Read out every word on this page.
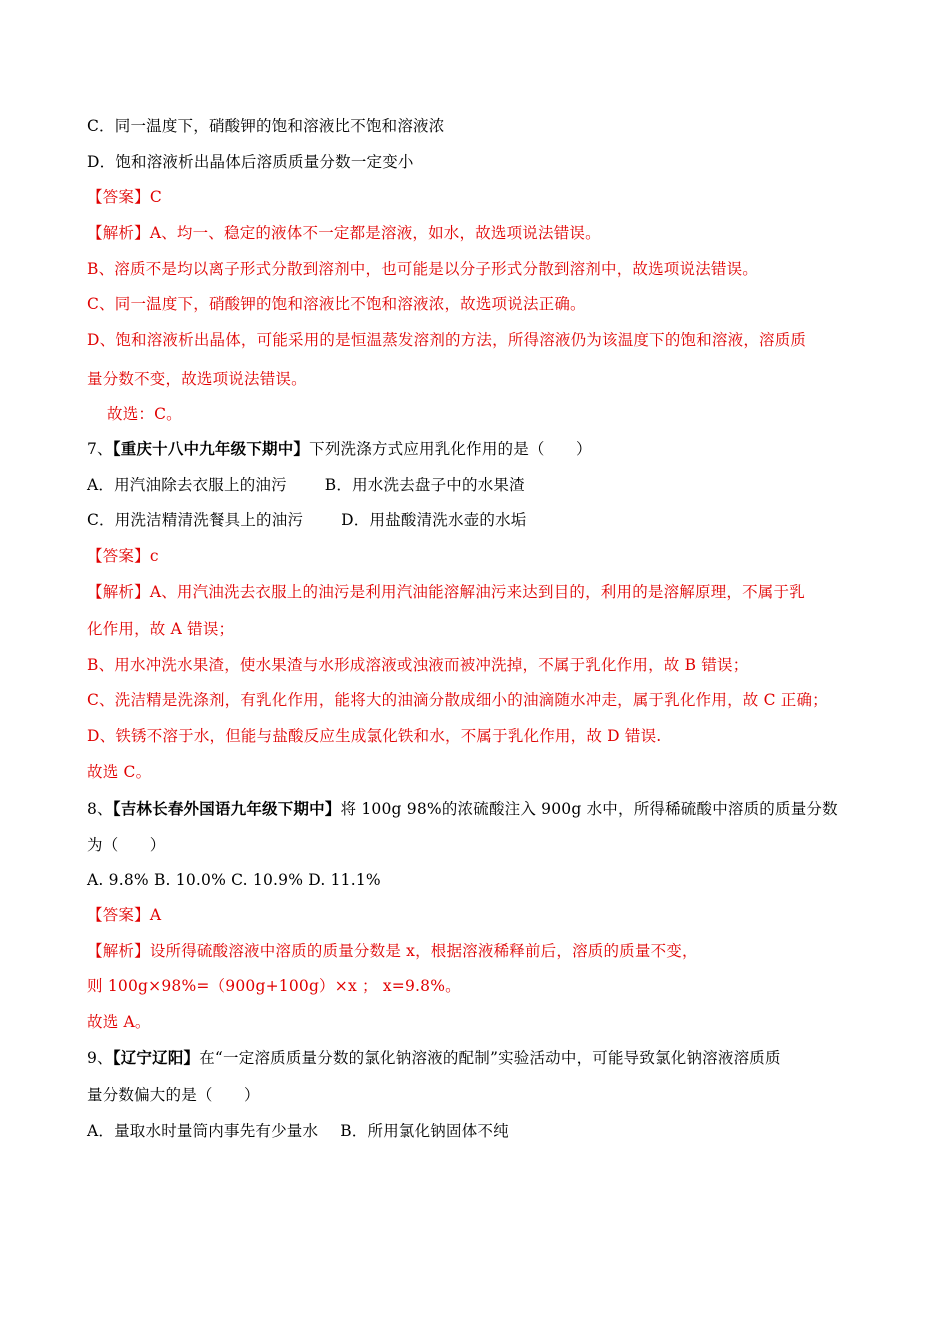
C．同一温度下，硝酸钾的饱和溶液比不饱和溶液浓
D．饱和溶液析出晶体后溶质质量分数一定变小
【答案】C
【解析】A、均一、稳定的液体不一定都是溶液，如水，故选项说法错误。
B、溶质不是均以离子形式分散到溶剂中，也可能是以分子形式分散到溶剂中，故选项说法错误。
C、同一温度下，硝酸钾的饱和溶液比不饱和溶液浓，故选项说法正确。
D、饱和溶液析出晶体，可能采用的是恒温蒸发溶剂的方法，所得溶液仍为该温度下的饱和溶液，溶质质
量分数不变，故选项说法错误。
故选：C。
7、【重庆十八中九年级下期中】下列洗涤方式应用乳化作用的是（　　）
A．用汽油除去衣服上的油污 B．用水洗去盘子中的水果渣
C．用洗洁精清洗餐具上的油污 D．用盐酸清洗水壶的水垢
【答案】c
【解析】A、用汽油洗去衣服上的油污是利用汽油能溶解油污来达到目的，利用的是溶解原理，不属于乳
化作用，故 A 错误；
B、用水冲洗水果渣，使水果渣与水形成溶液或浊液而被冲洗掉，不属于乳化作用，故 B 错误；
C、洗洁精是洗涤剂，有乳化作用，能将大的油滴分散成细小的油滴随水冲走，属于乳化作用，故 C 正确；
D、铁锈不溶于水，但能与盐酸反应生成氯化铁和水，不属于乳化作用，故 D 错误.
故选 C。
8、【吉林长春外国语九年级下期中】将 100g 98%的浓硫酸注入 900g 水中，所得稀硫酸中溶质的质量分数
为（　　）
A. 9.8% B. 10.0% C. 10.9% D. 11.1%
【答案】A
【解析】设所得硫酸溶液中溶质的质量分数是 x，根据溶液稀释前后，溶质的质量不变，
则 100g×98%=（900g+100g）×x ； x=9.8%。
故选 A。
9、【辽宁辽阳】在“一定溶质质量分数的氯化钠溶液的配制”实验活动中，可能导致氯化钠溶液溶质质
量分数偏大的是（　　）
A．量取水时量筒内事先有少量水 B．所用氯化钠固体不纯
